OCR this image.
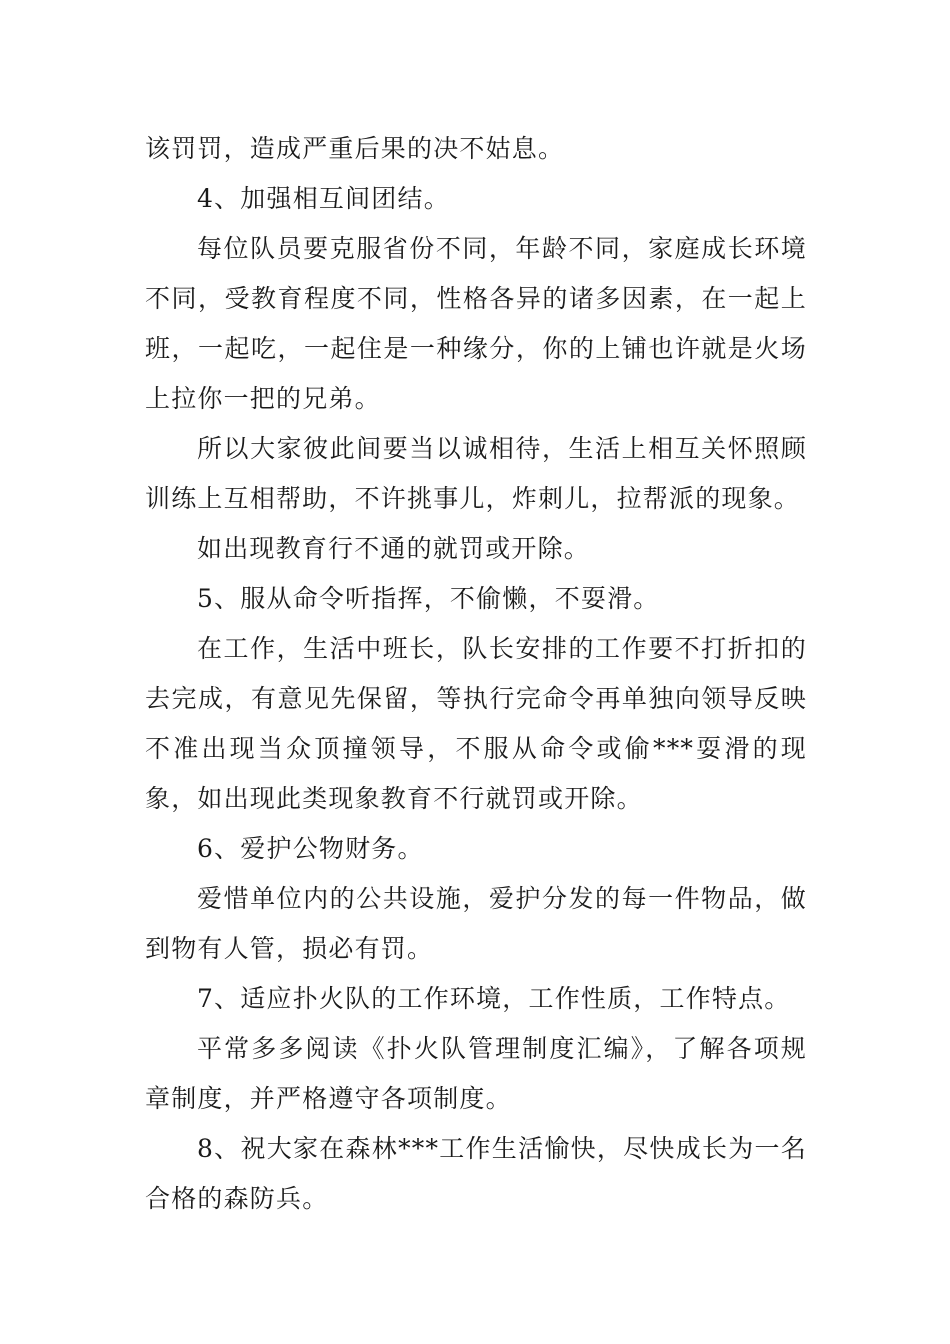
该罚罚，造成严重后果的决不姑息。

4、加强相互间团结。

每位队员要克服省份不同，年龄不同，家庭成长环境不同，受教育程度不同，性格各异的诸多因素，在一起上班，一起吃，一起住是一种缘分，你的上铺也许就是火场上拉你一把的兄弟。

所以大家彼此间要当以诚相待，生活上相互关怀照顾训练上互相帮助，不许挑事儿，炸刺儿，拉帮派的现象。

如出现教育行不通的就罚或开除。

5、服从命令听指挥，不偷懒，不耍滑。

在工作，生活中班长，队长安排的工作要不打折扣的去完成，有意见先保留，等执行完命令再单独向领导反映不准出现当众顶撞领导，不服从命令或偷***耍滑的现象，如出现此类现象教育不行就罚或开除。

6、爱护公物财务。

爱惜单位内的公共设施，爱护分发的每一件物品，做到物有人管，损必有罚。

7、适应扑火队的工作环境，工作性质，工作特点。

平常多多阅读《扑火队管理制度汇编》，了解各项规章制度，并严格遵守各项制度。

8、祝大家在森林***工作生活愉快，尽快成长为一名合格的森防兵。
